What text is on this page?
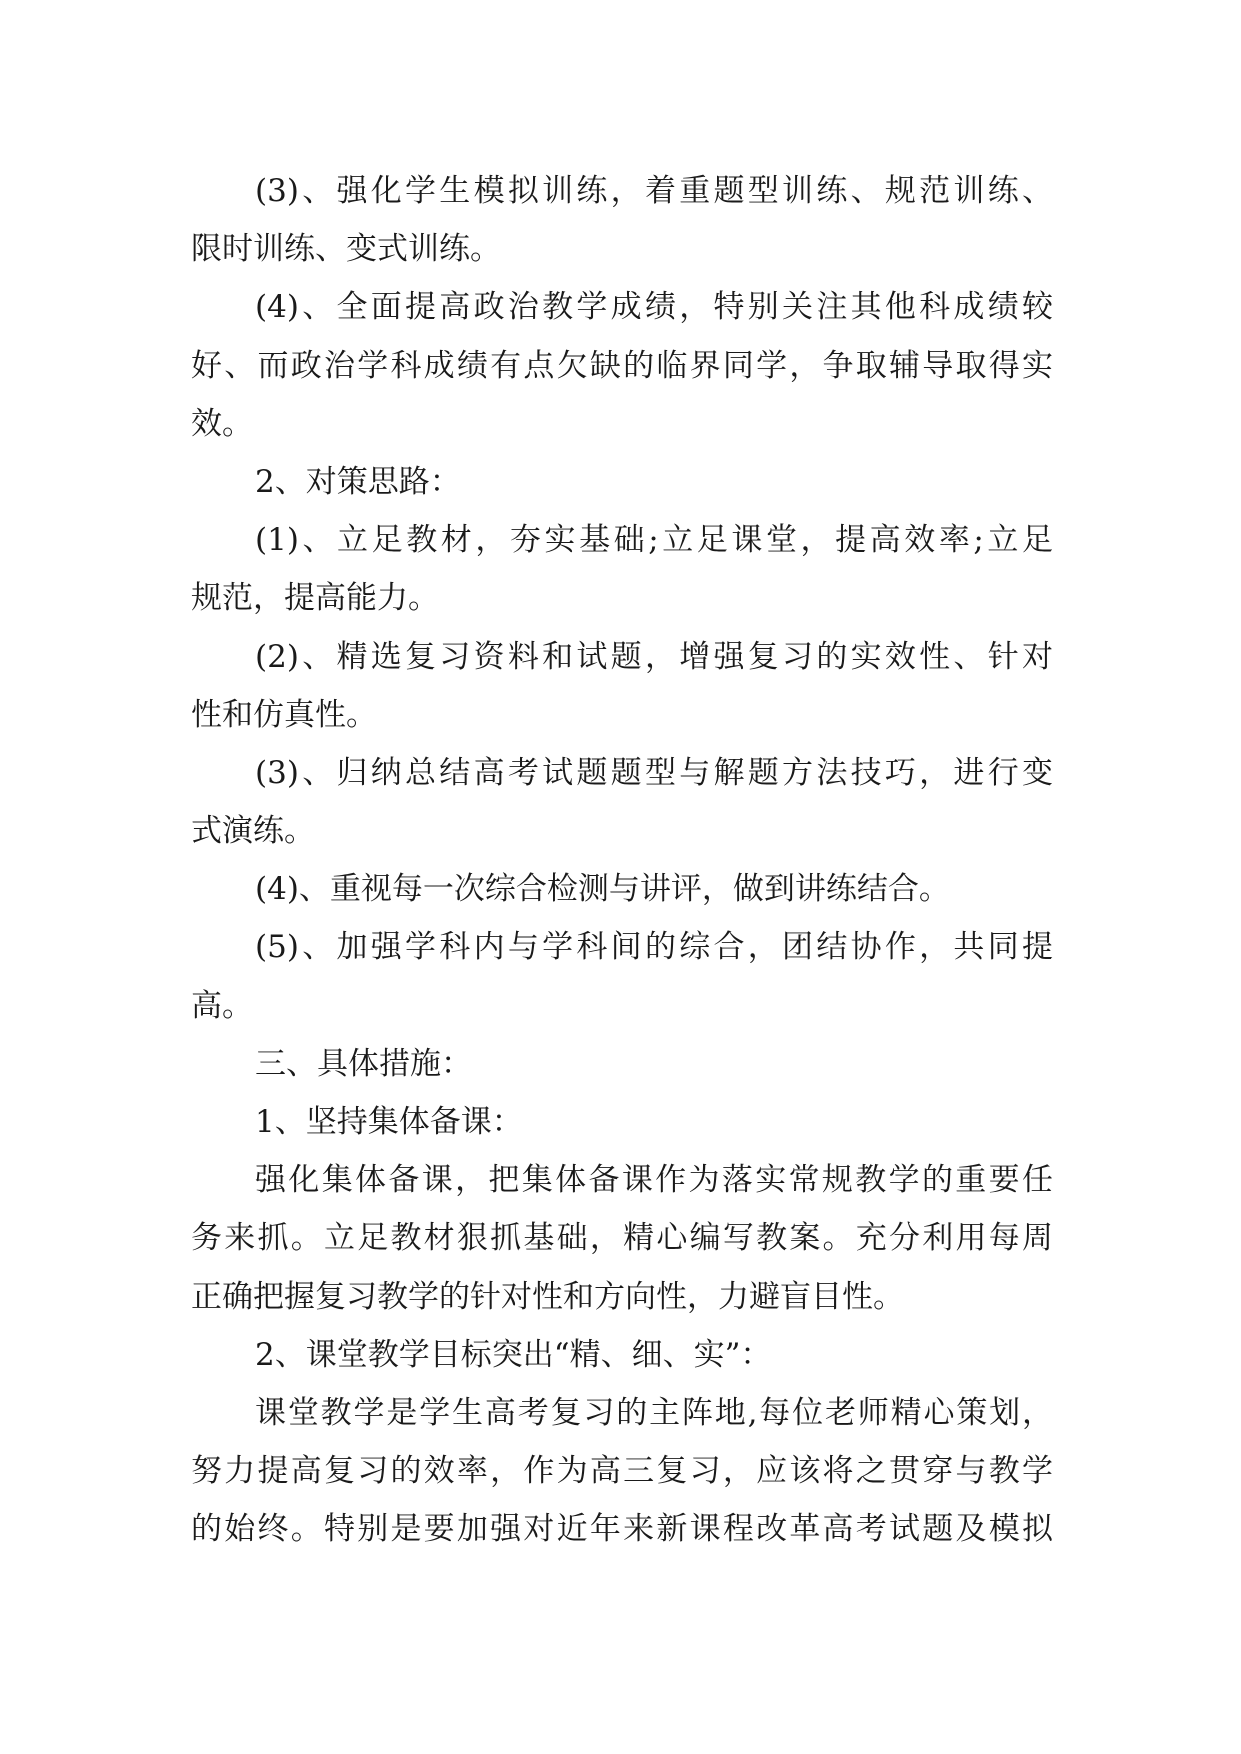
(3)、强化学生模拟训练，着重题型训练、规范训练、
限时训练、变式训练。
(4)、全面提高政治教学成绩，特别关注其他科成绩较
好、而政治学科成绩有点欠缺的临界同学，争取辅导取得实
效。
2、对策思路：
(1)、立足教材，夯实基础;立足课堂，提高效率;立足
规范，提高能力。
(2)、精选复习资料和试题，增强复习的实效性、针对
性和仿真性。
(3)、归纳总结高考试题题型与解题方法技巧，进行变
式演练。
(4)、重视每一次综合检测与讲评，做到讲练结合。
(5)、加强学科内与学科间的综合，团结协作，共同提
高。
三、具体措施：
1、坚持集体备课：
强化集体备课，把集体备课作为落实常规教学的重要任
务来抓。立足教材狠抓基础，精心编写教案。充分利用每周
正确把握复习教学的针对性和方向性，力避盲目性。
2、课堂教学目标突出“精、细、实”：
课堂教学是学生高考复习的主阵地,每位老师精心策划，
努力提高复习的效率，作为高三复习，应该将之贯穿与教学
的始终。特别是要加强对近年来新课程改革高考试题及模拟
